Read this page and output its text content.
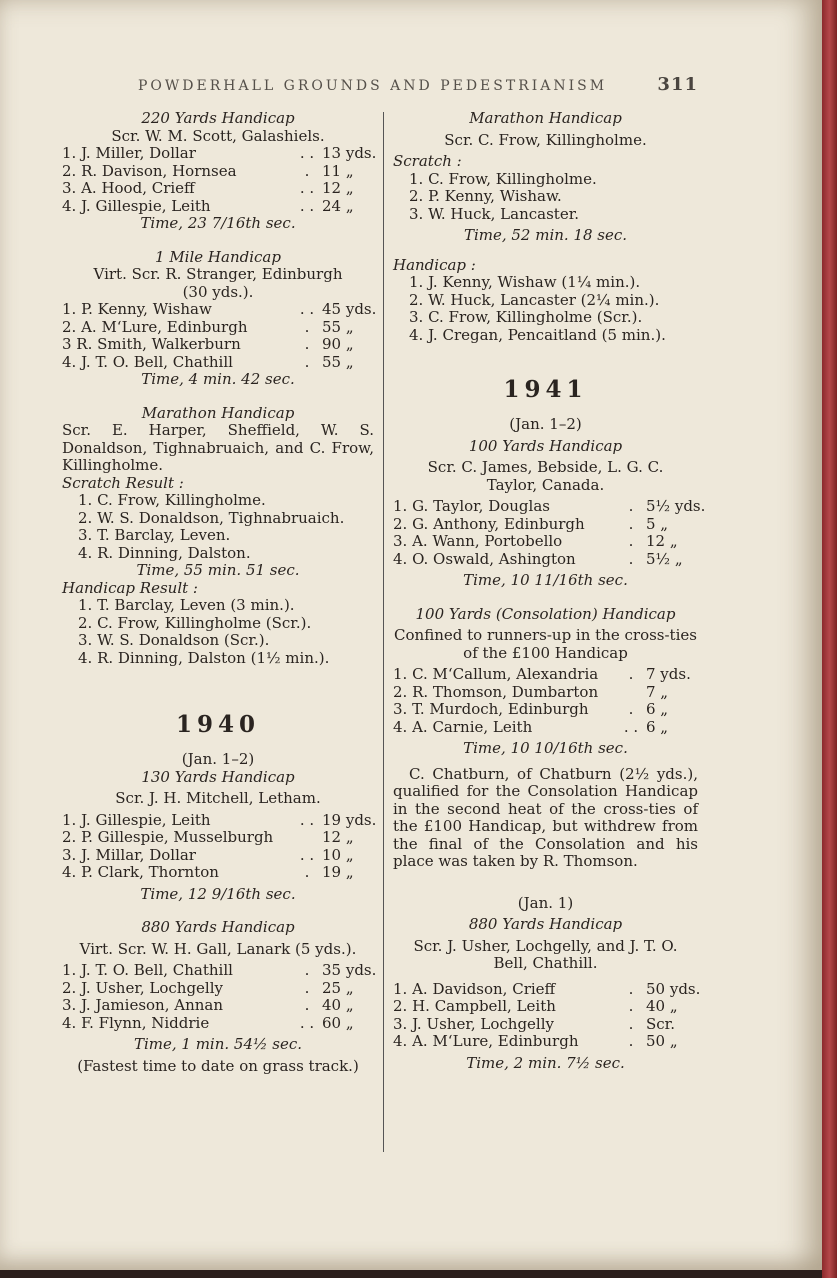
POWDERHALL GROUNDS AND PEDESTRIANISM	311
220 Yards Handicap
Scr. W. M. Scott, Galashiels.
1. J. Miller, Dollar	. . 13 yds.
2. R. Davison, Hornsea	. 11 „
3. A. Hood, Crieff	. . 12 „
4. J. Gillespie, Leith	. . 24 „
Time, 23 7/16th sec.
1 Mile Handicap
Virt. Scr. R. Stranger, Edinburgh
(30 yds.).
1. P. Kenny, Wishaw	. . 45 yds.
2. A. M‘Lure, Edinburgh	. 55 „
3 R. Smith, Walkerburn	. 90 „
4. J. T. O. Bell, Chathill	. 55 „
Time, 4 min. 42 sec.
Marathon Handicap
Scr. E. Harper, Sheffield, W. S. Donaldson, Tighnabruaich, and C. Frow, Killingholme.
Scratch Result :
1. C. Frow, Killingholme.
2. W. S. Donaldson, Tighnabruaich.
3. T. Barclay, Leven.
4. R. Dinning, Dalston.
Time, 55 min. 51 sec.
Handicap Result :
1. T. Barclay, Leven (3 min.).
2. C. Frow, Killingholme (Scr.).
3. W. S. Donaldson (Scr.).
4. R. Dinning, Dalston (1½ min.).
1940
(Jan. 1–2)
130 Yards Handicap
Scr. J. H. Mitchell, Letham.
1. J. Gillespie, Leith	. . 19 yds.
2. P. Gillespie, Musselburgh	12 „
3. J. Millar, Dollar	. . 10 „
4. P. Clark, Thornton	. 19 „
Time, 12 9/16th sec.
880 Yards Handicap
Virt. Scr. W. H. Gall, Lanark (5 yds.).
1. J. T. O. Bell, Chathill	. 35 yds.
2. J. Usher, Lochgelly	. 25 „
3. J. Jamieson, Annan	. 40 „
4. F. Flynn, Niddrie	. . 60 „
Time, 1 min. 54½ sec.
(Fastest time to date on grass track.)
Marathon Handicap
Scr. C. Frow, Killingholme.
Scratch :
1. C. Frow, Killingholme.
2. P. Kenny, Wishaw.
3. W. Huck, Lancaster.
Time, 52 min. 18 sec.
Handicap :
1. J. Kenny, Wishaw (1¼ min.).
2. W. Huck, Lancaster (2¼ min.).
3. C. Frow, Killingholme (Scr.).
4. J. Cregan, Pencaitland (5 min.).
1941
(Jan. 1–2)
100 Yards Handicap
Scr. C. James, Bebside, L. G. C. Taylor, Canada.
1. G. Taylor, Douglas	. 5½ yds.
2. G. Anthony, Edinburgh	. 5 „
3. A. Wann, Portobello	. 12 „
4. O. Oswald, Ashington	. 5½ „
Time, 10 11/16th sec.
100 Yards (Consolation) Handicap
Confined to runners-up in the cross-ties of the £100 Handicap
1. C. M‘Callum, Alexandria	. 7 yds.
2. R. Thomson, Dumbarton	7 „
3. T. Murdoch, Edinburgh	. 6 „
4. A. Carnie, Leith	. . 6 „
Time, 10 10/16th sec.
C. Chatburn, of Chatburn (2½ yds.), qualified for the Consolation Handicap in the second heat of the cross-ties of the £100 Handicap, but withdrew from the final of the Consolation and his place was taken by R. Thomson.
(Jan. 1)
880 Yards Handicap
Scr. J. Usher, Lochgelly, and J. T. O. Bell, Chathill.
1. A. Davidson, Crieff	. 50 yds.
2. H. Campbell, Leith	. 40 „
3. J. Usher, Lochgelly	. Scr.
4. A. M‘Lure, Edinburgh	. 50 „
Time, 2 min. 7½ sec.
